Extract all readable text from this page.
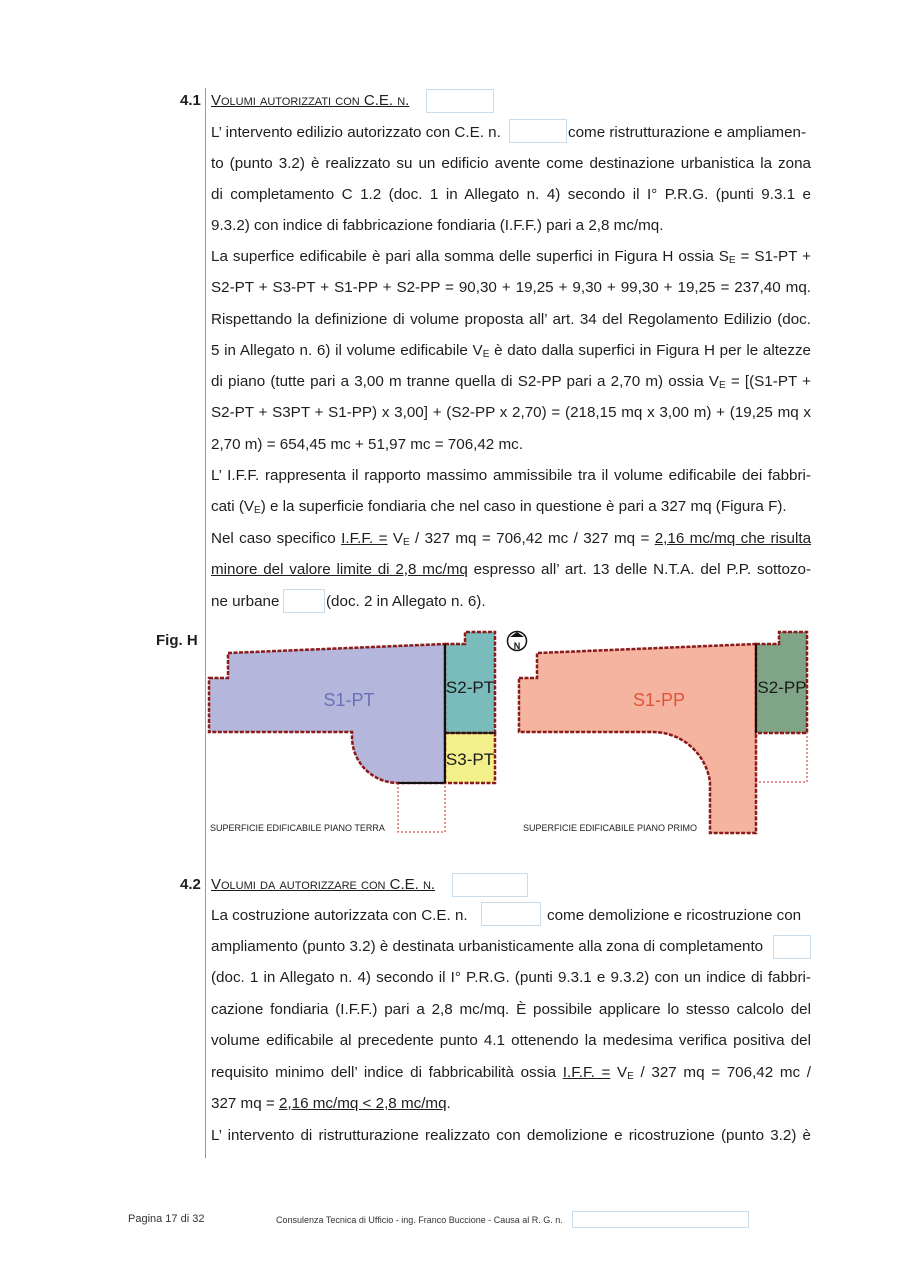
4.1 Volumi autorizzati con C.E. n.
L’ intervento edilizio autorizzato con C.E. n.	come ristrutturazione e ampliamen-
to (punto 3.2) è realizzato su un edificio avente come destinazione urbanistica la zona
di completamento C 1.2 (doc. 1 in Allegato n. 4) secondo il I° P.R.G. (punti 9.3.1 e
9.3.2) con indice di fabbricazione fondiaria (I.F.F.) pari a 2,8 mc/mq.
La superfice edificabile è pari alla somma delle superfici in Figura H ossia $S_E = S1-PT$ +
S2-PT + S3-PT + S1-PP + S2-PP = 90,30 + 19,25 + 9,30 + 99,30 + 19,25 = 237,40 mq.
Rispettando la definizione di volume proposta all’ art. 34 del Regolamento Edilizio (doc.
5 in Allegato n. 6) il volume edificabile $V_E$ è dato dalla superfici in Figura H per le altezze
di piano (tutte pari a 3,00 m tranne quella di S2-PP pari a 2,70 m) ossia $V_E = [(S1-PT$ +
S2-PT + S3PT + S1-PP) x 3,00] + (S2-PP x 2,70) = (218,15 mq x 3,00 m) + (19,25 mq x
2,70 m) = 654,45 mc + 51,97 mc = 706,42 mc.
L’ I.F.F. rappresenta il rapporto massimo ammissibile tra il volume edificabile dei fabbri-
cati $(V_E)$ e la superficie fondiaria che nel caso in questione è pari a 327 mq (Figura F).
Nel caso specifico I.F.F. = $V_E / 327$ mq = 706,42 mc / 327 mq = 2,16 mc/mq che risulta
minore del valore limite di 2,8 mc/mq espresso all’ art. 13 delle N.T.A. del P.P. sottozo-
ne urbane	(doc. 2 in Allegato n. 6).
Fig. H	N
S1-PT
S2-PT
S3-PT
S1-PP
S2-PP
SUPERFICIE EDIFICABILE PIANO TERRA	SUPERFICIE EDIFICABILE PIANO PRIMO
4.2 Volumi da autorizzare con C.E. n.
La costruzione autorizzata con C.E. n.	come demolizione e ricostruzione con
ampliamento (punto 3.2) è destinata urbanisticamente alla zona di completamento
(doc. 1 in Allegato n. 4) secondo il I° P.R.G. (punti 9.3.1 e 9.3.2) con un indice di fabbri-
cazione fondiaria (I.F.F.) pari a 2,8 mc/mq. È possibile applicare lo stesso calcolo del
volume edificabile al precedente punto 4.1 ottenendo la medesima verifica positiva del
requisito minimo dell’ indice di fabbricabilità ossia I.F.F. = $V_E / 327$ mq = 706,42 mc /
327 mq = 2,16 mc/mq < 2,8 mc/mq.
L’ intervento di ristrutturazione realizzato con demolizione e ricostruzione (punto 3.2) è
Pagina 17 di 32	Consulenza Tecnica di Ufficio - ing. Franco Buccione - Causa al R. G. n.
